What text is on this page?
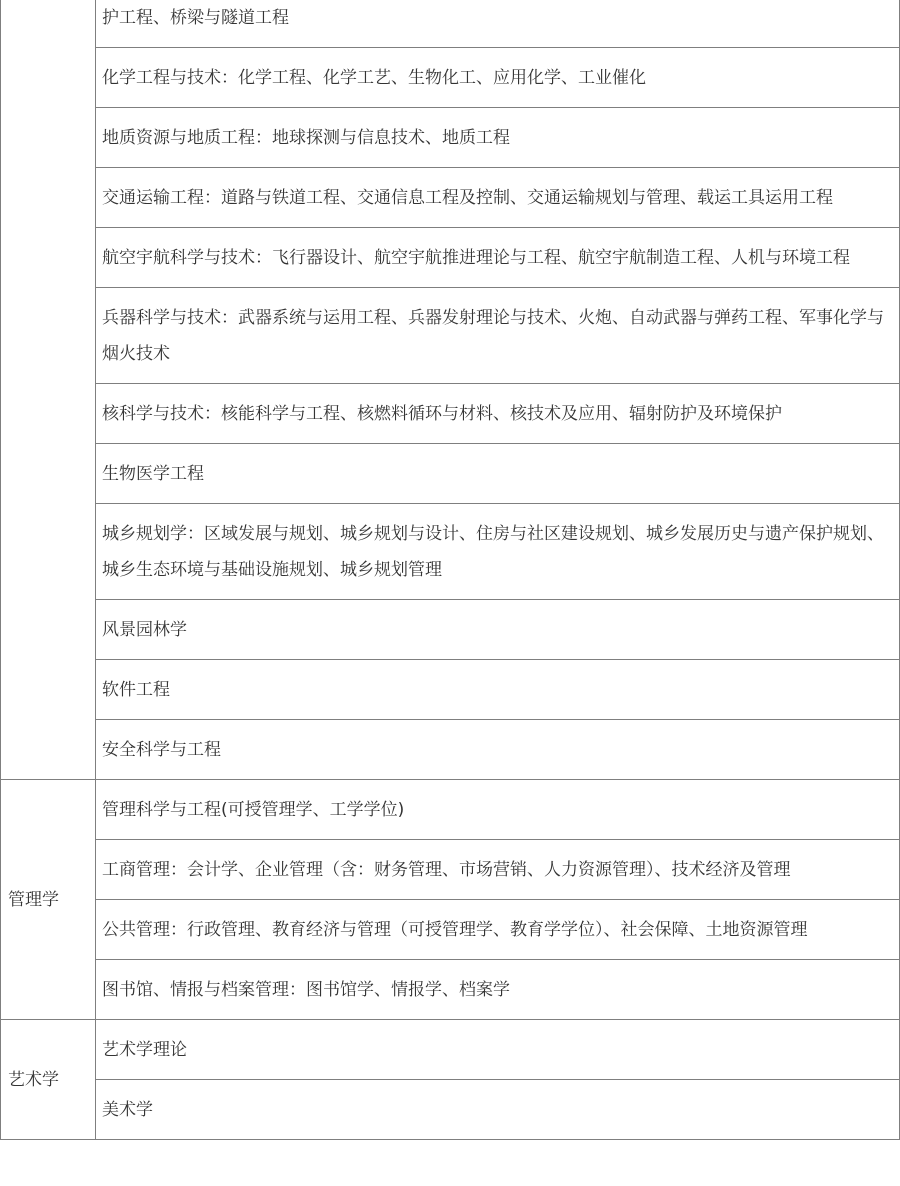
	护工程、桥梁与隧道工程
	化学工程与技术：化学工程、化学工艺、生物化工、应用化学、工业催化
	地质资源与地质工程：地球探测与信息技术、地质工程
	交通运输工程：道路与铁道工程、交通信息工程及控制、交通运输规划与管理、载运工具运用工程
	航空宇航科学与技术：飞行器设计、航空宇航推进理论与工程、航空宇航制造工程、人机与环境工程
	兵器科学与技术：武器系统与运用工程、兵器发射理论与技术、火炮、自动武器与弹药工程、军事化学与烟火技术
	核科学与技术：核能科学与工程、核燃料循环与材料、核技术及应用、辐射防护及环境保护
	生物医学工程
	城乡规划学：区域发展与规划、城乡规划与设计、住房与社区建设规划、城乡发展历史与遗产保护规划、城乡生态环境与基础设施规划、城乡规划管理
	风景园林学
	软件工程
	安全科学与工程
管理学	管理科学与工程(可授管理学、工学学位)
	工商管理：会计学、企业管理（含：财务管理、市场营销、人力资源管理）、技术经济及管理
	公共管理：行政管理、教育经济与管理（可授管理学、教育学学位）、社会保障、土地资源管理
	图书馆、情报与档案管理：图书馆学、情报学、档案学
艺术学	艺术学理论
	美术学
